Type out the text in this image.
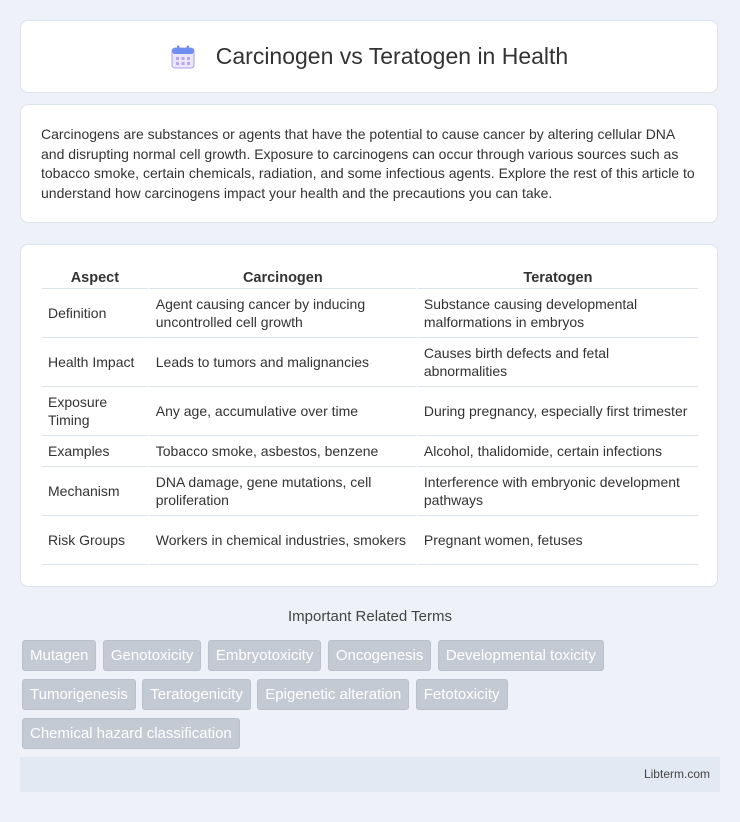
Carcinogen vs Teratogen in Health

Carcinogens are substances or agents that have the potential to cause cancer by altering cellular DNA and disrupting normal cell growth. Exposure to carcinogens can occur through various sources such as tobacco smoke, certain chemicals, radiation, and some infectious agents. Explore the rest of this article to understand how carcinogens impact your health and the precautions you can take.

Aspect	Carcinogen	Teratogen
Definition	Agent causing cancer by inducing uncontrolled cell growth	Substance causing developmental malformations in embryos
Health Impact	Leads to tumors and malignancies	Causes birth defects and fetal abnormalities
Exposure Timing	Any age, accumulative over time	During pregnancy, especially first trimester
Examples	Tobacco smoke, asbestos, benzene	Alcohol, thalidomide, certain infections
Mechanism	DNA damage, gene mutations, cell proliferation	Interference with embryonic development pathways
Risk Groups	Workers in chemical industries, smokers	Pregnant women, fetuses
Important Related Terms
Mutagen Genotoxicity Embryotoxicity Oncogenesis Developmental toxicity Tumorigenesis Teratogenicity Epigenetic alteration Fetotoxicity Chemical hazard classification
Libterm.com
